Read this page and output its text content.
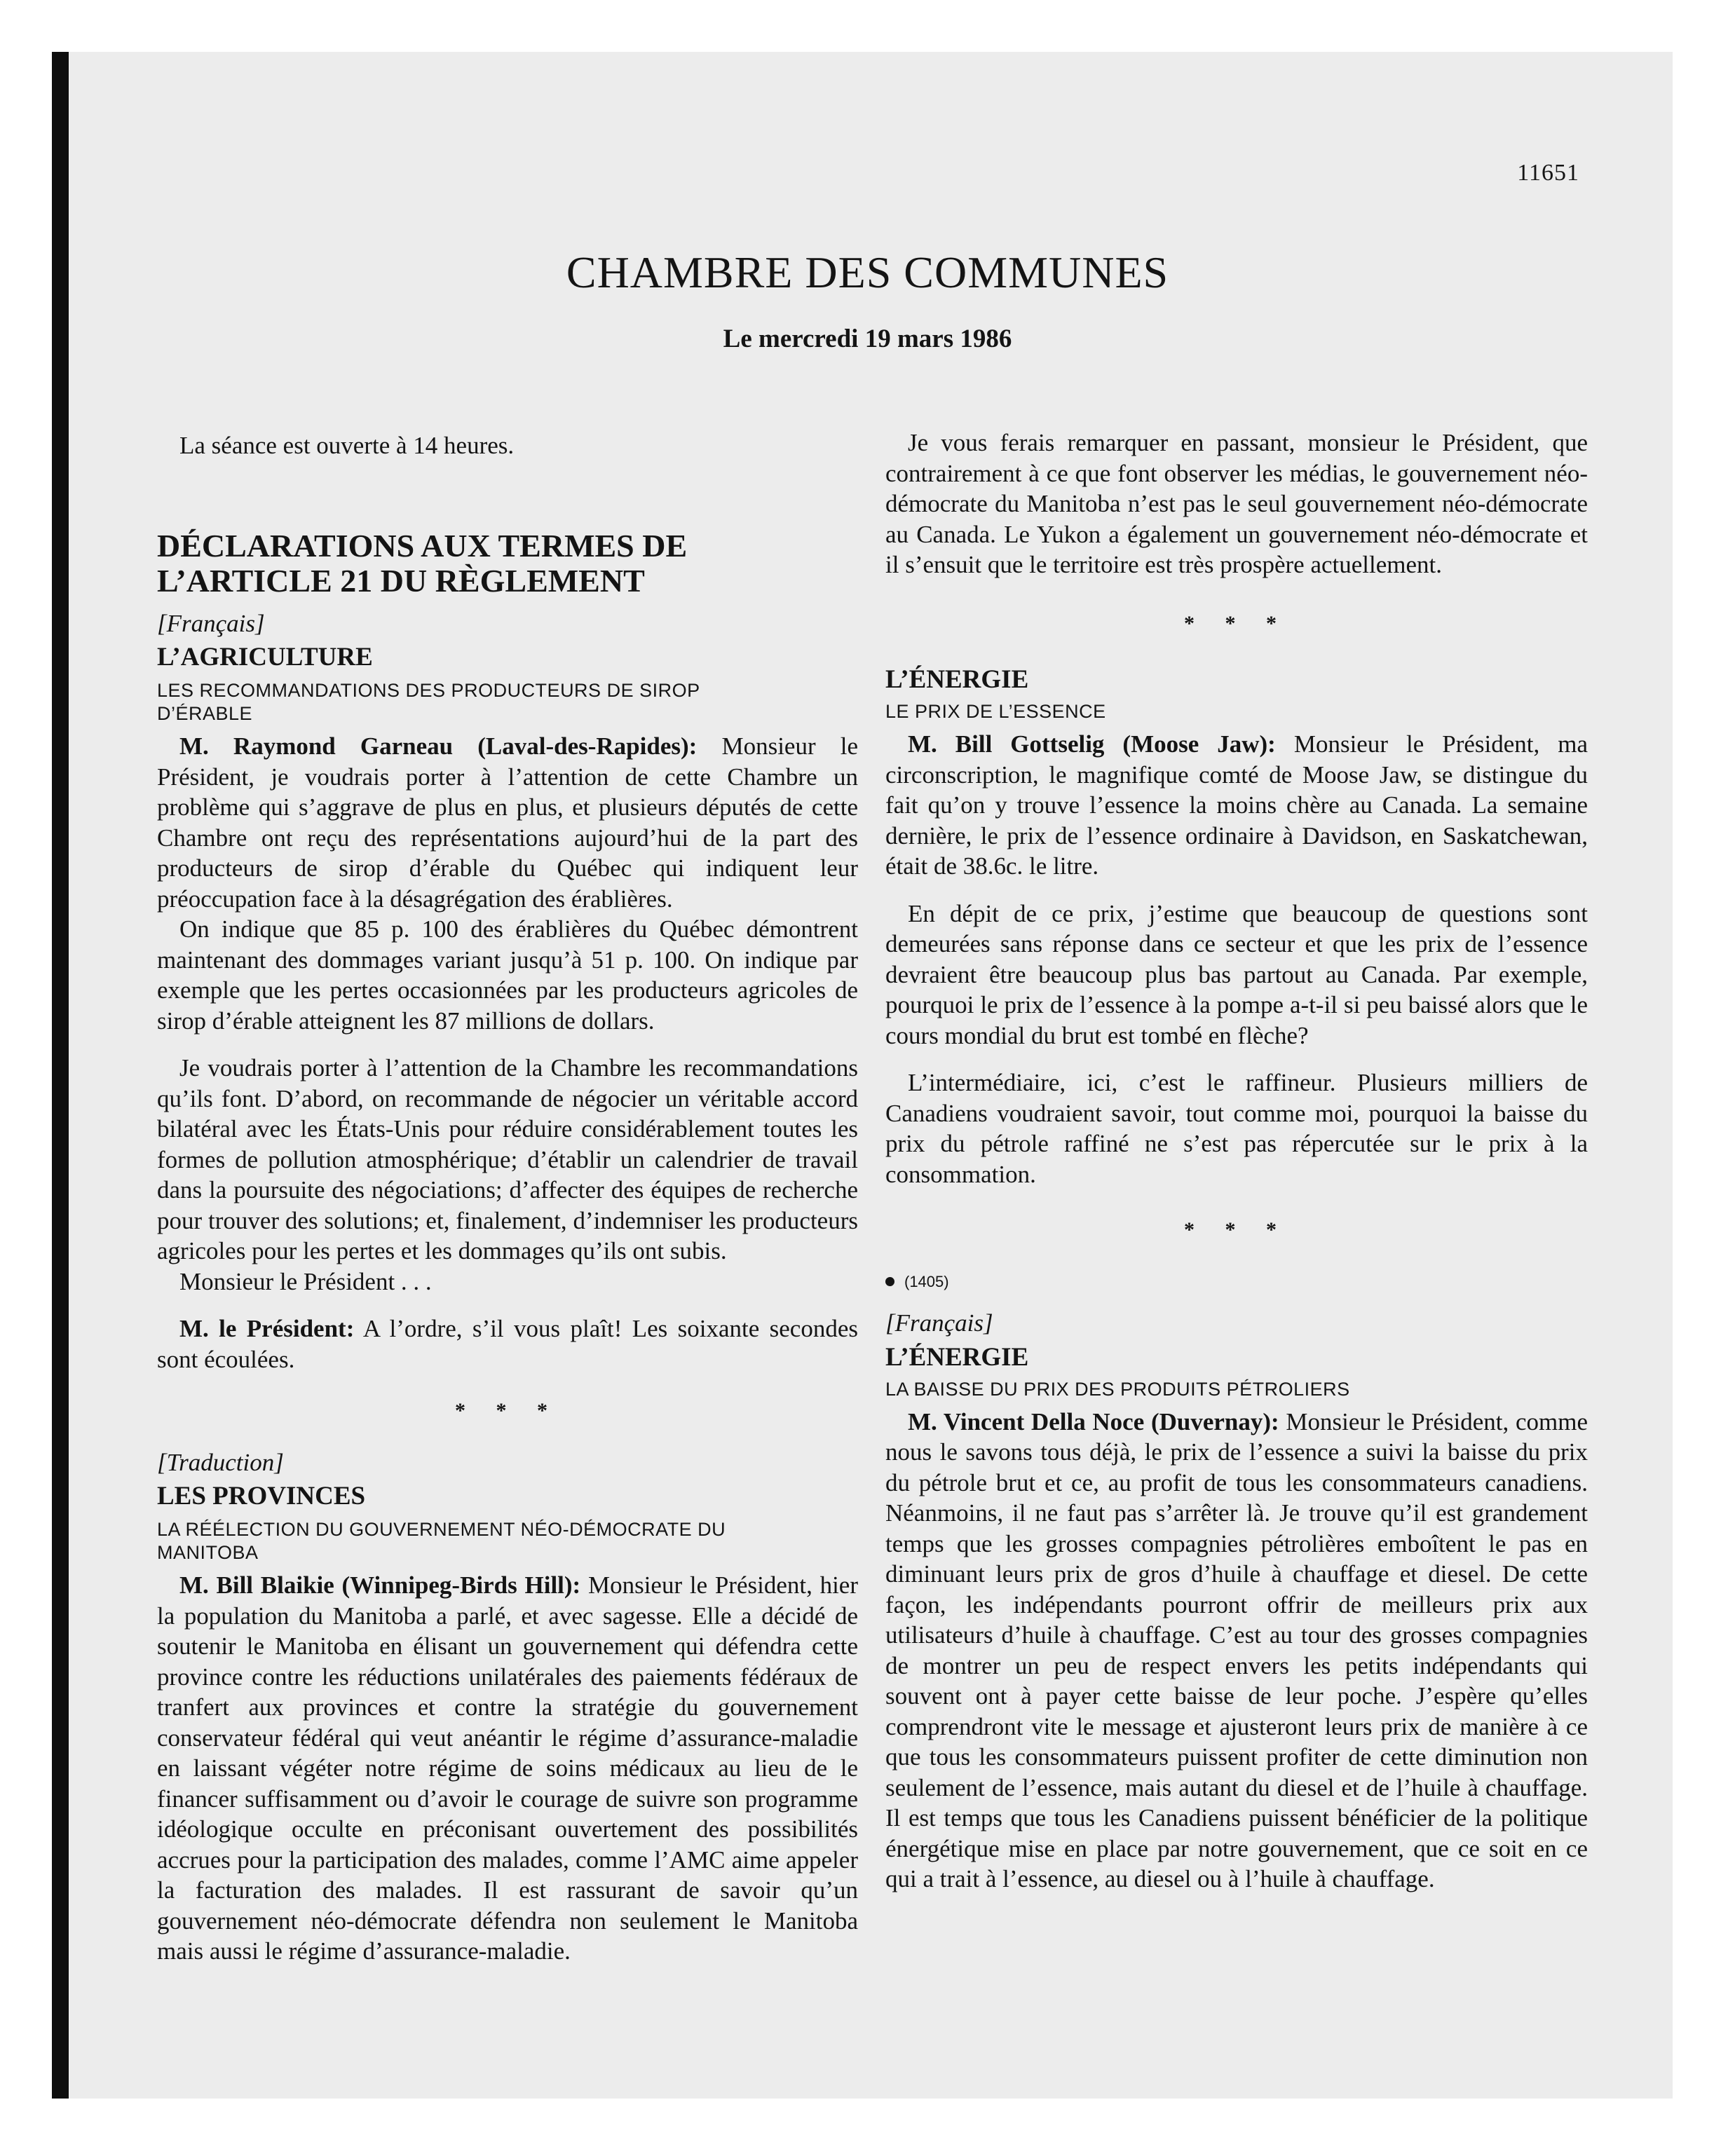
11651
CHAMBRE DES COMMUNES

Le mercredi 19 mars 1986

La séance est ouverte à 14 heures.

DÉCLARATIONS AUX TERMES DE
L’ARTICLE 21 DU RÈGLEMENT

[Français]

L’AGRICULTURE

LES RECOMMANDATIONS DES PRODUCTEURS DE SIROP
D’ÉRABLE

M. Raymond Garneau (Laval-des-Rapides): Monsieur le Président, je voudrais porter à l’attention de cette Chambre un problème qui s’aggrave de plus en plus, et plusieurs députés de cette Chambre ont reçu des représentations aujourd’hui de la part des producteurs de sirop d’érable du Québec qui indiquent leur préoccupation face à la désagrégation des érablières.

On indique que 85 p. 100 des érablières du Québec démontrent maintenant des dommages variant jusqu’à 51 p. 100. On indique par exemple que les pertes occasionnées par les producteurs agricoles de sirop d’érable atteignent les 87 millions de dollars.

Je voudrais porter à l’attention de la Chambre les recommandations qu’ils font. D’abord, on recommande de négocier un véritable accord bilatéral avec les États-Unis pour réduire considérablement toutes les formes de pollution atmosphérique; d’établir un calendrier de travail dans la poursuite des négociations; d’affecter des équipes de recherche pour trouver des solutions; et, finalement, d’indemniser les producteurs agricoles pour les pertes et les dommages qu’ils ont subis.

Monsieur le Président . . .

M. le Président: A l’ordre, s’il vous plaît! Les soixante secondes sont écoulées.

* * *

[Traduction]

LES PROVINCES

LA RÉÉLECTION DU GOUVERNEMENT NÉO-DÉMOCRATE DU
MANITOBA

M. Bill Blaikie (Winnipeg-Birds Hill): Monsieur le Président, hier la population du Manitoba a parlé, et avec sagesse. Elle a décidé de soutenir le Manitoba en élisant un gouvernement qui défendra cette province contre les réductions unilatérales des paiements fédéraux de tranfert aux provinces et contre la stratégie du gouvernement conservateur fédéral qui veut anéantir le régime d’assurance-maladie en laissant végéter notre régime de soins médicaux au lieu de le financer suffisamment ou d’avoir le courage de suivre son programme idéologique occulte en préconisant ouvertement des possibilités accrues pour la participation des malades, comme l’AMC aime appeler la facturation des malades. Il est rassurant de savoir qu’un gouvernement néo-démocrate défendra non seulement le Manitoba mais aussi le régime d’assurance-maladie.

Je vous ferais remarquer en passant, monsieur le Président, que contrairement à ce que font observer les médias, le gouvernement néo-démocrate du Manitoba n’est pas le seul gouvernement néo-démocrate au Canada. Le Yukon a également un gouvernement néo-démocrate et il s’ensuit que le territoire est très prospère actuellement.

* * *

L’ÉNERGIE

LE PRIX DE L’ESSENCE

M. Bill Gottselig (Moose Jaw): Monsieur le Président, ma circonscription, le magnifique comté de Moose Jaw, se distingue du fait qu’on y trouve l’essence la moins chère au Canada. La semaine dernière, le prix de l’essence ordinaire à Davidson, en Saskatchewan, était de 38.6c. le litre.

En dépit de ce prix, j’estime que beaucoup de questions sont demeurées sans réponse dans ce secteur et que les prix de l’essence devraient être beaucoup plus bas partout au Canada. Par exemple, pourquoi le prix de l’essence à la pompe a-t-il si peu baissé alors que le cours mondial du brut est tombé en flèche?

L’intermédiaire, ici, c’est le raffineur. Plusieurs milliers de Canadiens voudraient savoir, tout comme moi, pourquoi la baisse du prix du pétrole raffiné ne s’est pas répercutée sur le prix à la consommation.

* * *

(1405)

[Français]

L’ÉNERGIE

LA BAISSE DU PRIX DES PRODUITS PÉTROLIERS

M. Vincent Della Noce (Duvernay): Monsieur le Président, comme nous le savons tous déjà, le prix de l’essence a suivi la baisse du prix du pétrole brut et ce, au profit de tous les consommateurs canadiens. Néanmoins, il ne faut pas s’arrêter là. Je trouve qu’il est grandement temps que les grosses compagnies pétrolières emboîtent le pas en diminuant leurs prix de gros d’huile à chauffage et diesel. De cette façon, les indépendants pourront offrir de meilleurs prix aux utilisateurs d’huile à chauffage. C’est au tour des grosses compagnies de montrer un peu de respect envers les petits indépendants qui souvent ont à payer cette baisse de leur poche. J’espère qu’elles comprendront vite le message et ajusteront leurs prix de manière à ce que tous les consommateurs puissent profiter de cette diminution non seulement de l’essence, mais autant du diesel et de l’huile à chauffage. Il est temps que tous les Canadiens puissent bénéficier de la politique énergétique mise en place par notre gouvernement, que ce soit en ce qui a trait à l’essence, au diesel ou à l’huile à chauffage.
